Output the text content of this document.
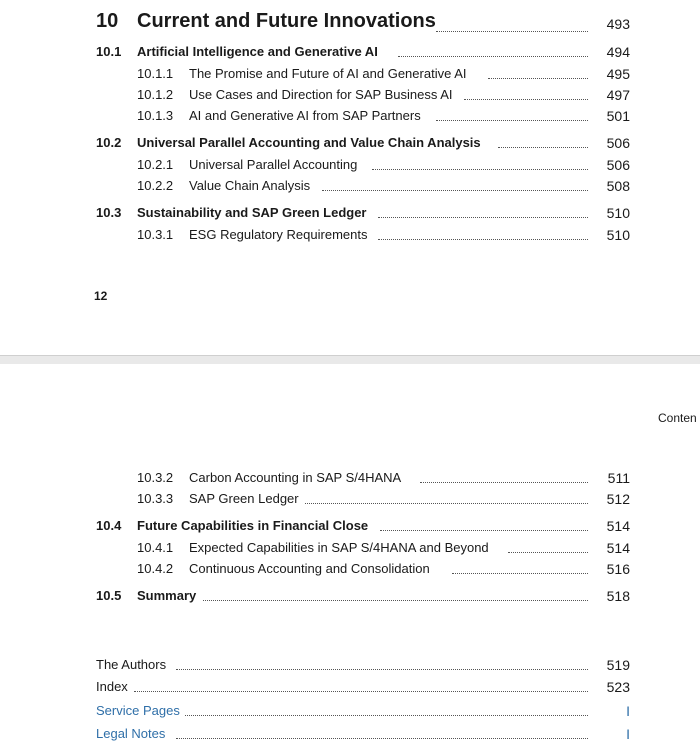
10 Current and Future Innovations	493
10.1 Artificial Intelligence and Generative AI	494
10.1.1 The Promise and Future of AI and Generative AI	495
10.1.2 Use Cases and Direction for SAP Business AI	497
10.1.3 AI and Generative AI from SAP Partners	501
10.2 Universal Parallel Accounting and Value Chain Analysis	506
10.2.1 Universal Parallel Accounting	506
10.2.2 Value Chain Analysis	508
10.3 Sustainability and SAP Green Ledger	510
10.3.1 ESG Regulatory Requirements	510
12
Conten
10.3.2 Carbon Accounting in SAP S/4HANA	511
10.3.3 SAP Green Ledger	512
10.4 Future Capabilities in Financial Close	514
10.4.1 Expected Capabilities in SAP S/4HANA and Beyond	514
10.4.2 Continuous Accounting and Consolidation	516
10.5 Summary	518
The Authors	519
Index	523
Service Pages	I
Legal Notes	I
